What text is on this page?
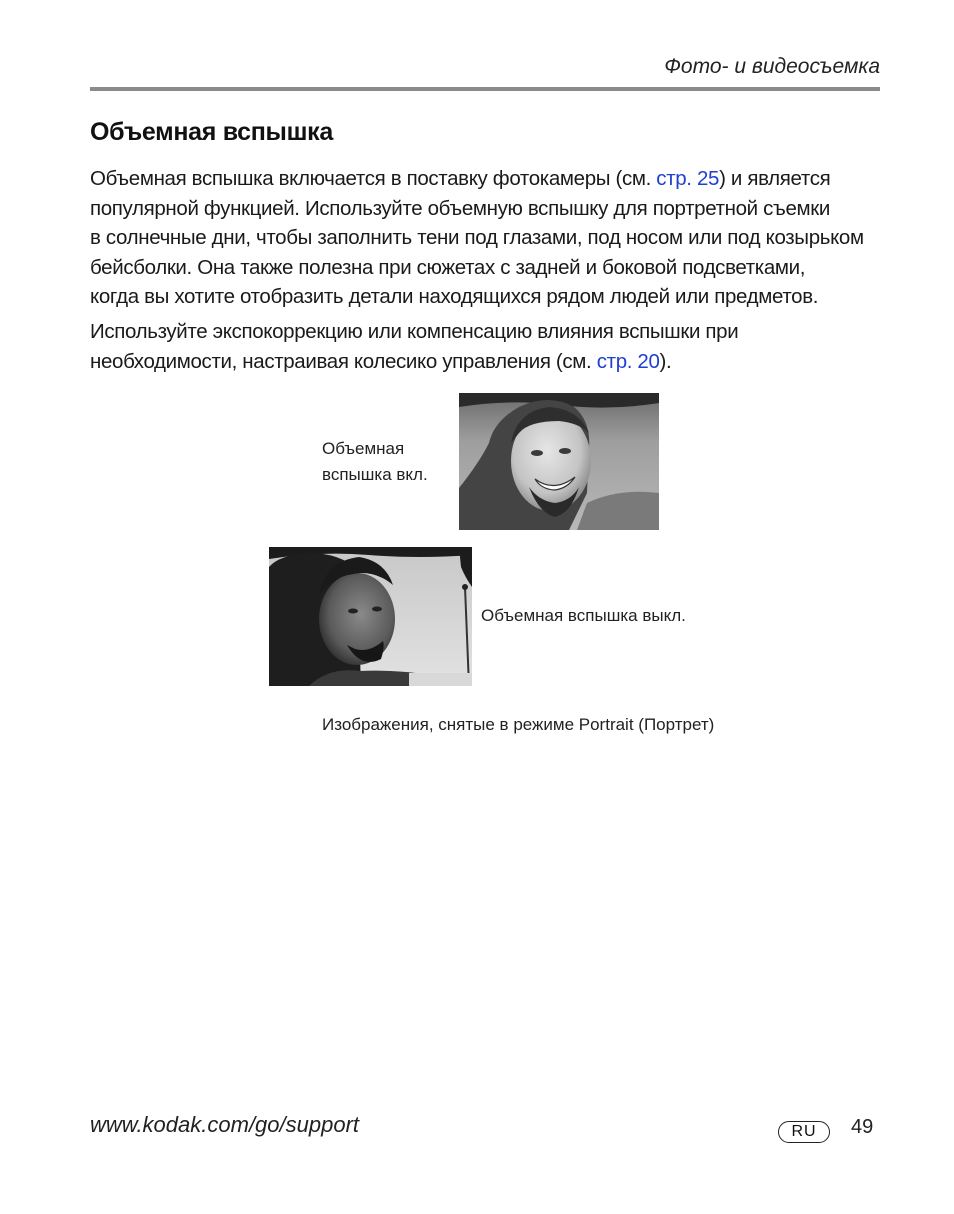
Фото- и видеосъемка
Объемная вспышка
Объемная вспышка включается в поставку фотокамеры (см. стр. 25) и является
популярной функцией. Используйте объемную вспышку для портретной съемки
в солнечные дни, чтобы заполнить тени под глазами, под носом или под козырьком
бейсболки. Она также полезна при сюжетах с задней и боковой подсветками,
когда вы хотите отобразить детали находящихся рядом людей или предметов.
Используйте экспокоррекцию или компенсацию влияния вспышки при
необходимости, настраивая колесико управления (см. стр. 20).
Объемная
вспышка вкл.
Объемная вспышка выкл.
Изображения, снятые в режиме Portrait (Портрет)
www.kodak.com/go/support	RU	49
